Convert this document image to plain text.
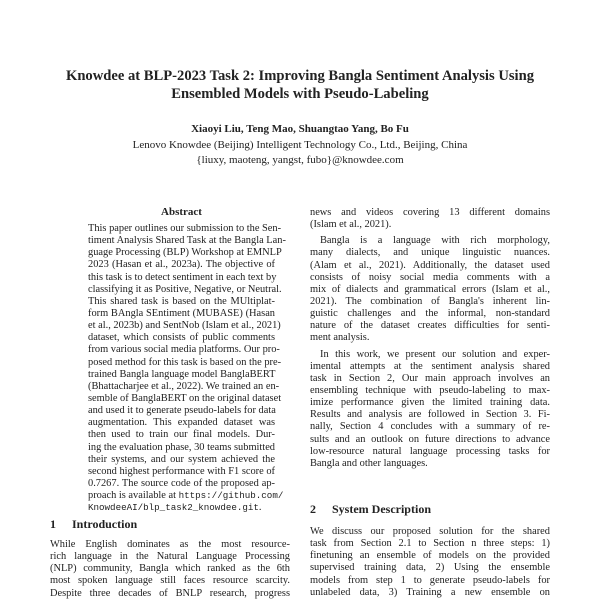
Knowdee at BLP-2023 Task 2: Improving Bangla Sentiment Analysis Using
Ensembled Models with Pseudo-Labeling
Xiaoyi Liu, Teng Mao, Shuangtao Yang, Bo Fu
Lenovo Knowdee (Beijing) Intelligent Technology Co., Ltd., Beijing, China
{liuxy, maoteng, yangst, fubo}@knowdee.com
Abstract
This paper outlines our submission to the Sen-
timent Analysis Shared Task at the Bangla Lan-
guage Processing (BLP) Workshop at EMNLP
2023 (Hasan et al., 2023a). The objective of
this task is to detect sentiment in each text by
classifying it as Positive, Negative, or Neutral.
This shared task is based on the MUltiplat-
form BAngla SEntiment (MUBASE) (Hasan
et al., 2023b) and SentNob (Islam et al., 2021)
dataset, which consists of public comments
from various social media platforms. Our pro-
posed method for this task is based on the pre-
trained Bangla language model BanglaBERT
(Bhattacharjee et al., 2022). We trained an en-
semble of BanglaBERT on the original dataset
and used it to generate pseudo-labels for data
augmentation. This expanded dataset was
then used to train our final models. Dur-
ing the evaluation phase, 30 teams submitted
their systems, and our system achieved the
second highest performance with F1 score of
0.7267. The source code of the proposed ap-
proach is available at https://github.com/
KnowdeeAI/blp_task2_knowdee.git.
1 Introduction
While English dominates as the most resource-
rich language in the Natural Language Processing
(NLP) community, Bangla which ranked as the 6th
most spoken language still faces resource scarcity.
Despite three decades of BNLP research, progress
news and videos covering 13 different domains
(Islam et al., 2021).
Bangla is a language with rich morphology,
many dialects, and unique linguistic nuances.
(Alam et al., 2021). Additionally, the dataset used
consists of noisy social media comments with a
mix of dialects and grammatical errors (Islam et al.,
2021). The combination of Bangla's inherent lin-
guistic challenges and the informal, non-standard
nature of the dataset creates difficulties for senti-
ment analysis.
In this work, we present our solution and exper-
imental attempts at the sentiment analysis shared
task in Section 2, Our main approach involves an
ensembling technique with pseudo-labeling to max-
imize performance given the limited training data.
Results and analysis are followed in Section 3. Fi-
nally, Section 4 concludes with a summary of re-
sults and an outlook on future directions to advance
low-resource natural language processing tasks for
Bangla and other languages.
2 System Description
We discuss our proposed solution for the shared
task from Section 2.1 to Section n three steps: 1)
finetuning an ensemble of models on the provided
supervised training data, 2) Using the ensemble
models from step 1 to generate pseudo-labels for
unlabeled data, 3) Training a new ensemble on
